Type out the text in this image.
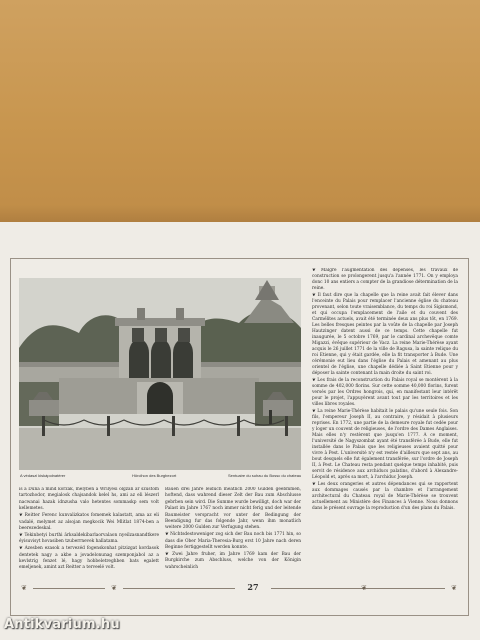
A védaszi kiskápolnatérer	Hörcihon des Burgbezort	Sentuaire du suhau du Bossc du chateau

is a Duna a mind korzak, melyben a Wrilyesi ölgzan ar szüstöm tartozhodor, megialosk chajsandok kelel hs, ami az eli lészerl nacwanai hazak idnzusha valo hetentes sommaskp sem volt kellemetes.

❦ Reitter Ferenc kunvalizkatos fomemek kalastatt, ama az eli vadalé, melymet az alsojan megkocik Wei Mlitlat 1874-ben a beerezedeskal.

❦ Tekinbetyi burthi ärksaldekibarlaorvalaon nyeilzasnandtkere éyisuvisyt hovasiben tzuberrnevek hallatama.

❦ Azesben ezasok a tervezéd fogenskonhat pitzizgat kordasok dentetek nagy a akbe a jovadelonunag szemponjabol az a kevlstrig fenzet lé, hagy hobbeletreghben bats egalett emeljenek, amint azt Reitter a terveelé volt.

Bauen drei Jahre leiduch meatlich 2000 Gulden geebmmen, hoftend, dass wahrend dieser Zelt der Bau zum Abschlusse gebrben sein wird. Die Summe wurde bewilligt, doch war der Palast im Jahre 1767 noch immer nicht ferig und der leitende Baumeister verspracht vor unter der Bedingung der Beendigung fur das folgende Jahr, wenn ihm monatlich weitere 2000 Gulden zur Verfugung stehen.

❦ Nichtsdestoweniger zog sich der Bau noch bis 1771 hin, so dass die Ober Maria-Theresia-Burg erst 10 Jahre nach deren Beginne fertiggestellt werden konnte.

❦ Zwei Jahre fruher, im Jahre 1769 kam der Bau der Burgkirche zum Abschluss, welche von der Königin wahrscheinlich

❦ Malgre l'augmentation des depenses, les travaux de construction se prolongerent jusqu'a l'année 1771. On y employa donc 10 ans entiers a compter de la grandiose détermination de la reine.

❦ Il faut dire que la chapelle que la reine avait fait élever dans l'enceinte du Palais pour remplacer l'ancienne église du chateau provenant, selon toute vraisemblance, du temps du roi Sigismond, et qui occupa l'emplacement de l'aile et du couvent des Carmélites actuels, avait été terminée deux ans plus tôt, en 1769. Les belles fresques peintes par la voûte de la chapelle par Joseph Hautzinger datent aussi de ce temps. Cette chapelle fut inaugurée, le 5 octobre 1769, par le cardinal archevêque comte Migazzi, évêque supérieur de Vacz. La reine Marie-Thérèse ayant acquis le 26 juillet 1771 de la ville de Ragusa, la sainte relique du roi Etienne, qui y était gardée, elle la fit transporter à Bude. Une cérémonie eut lieu dans l'église du Palais et amenant au plus orientel de l'église, une chapelle dédiée à Saint Etienne pour y déposer la sainte contenant la main droite du saint roi.

❦ Les frais de la reconstruction du Palais royal se montèrent à la somme de 402,000 florins. Sur cette somme 40,000 florins, furent versés par les Ordres hongrois, qui, en manifestant leur intérêt pour le projet, l'appuyèrent avant tout par les territoires et les villes libres royales.

❦ La reine Marie-Thérèse habitait le palais qu'une seule fois. Son fils, l'empereur Joseph II, au contraire, y résidait à plusieurs reprises. En 1772, une partie de la demeure royale fut cedée pour y loger un couvent de religieuses, de l'ordre des Dames Anglaises. Mais elles n'y restèrent que jusqu'en 1777. A ce moment, l'université de Nagyszombat ayant été transférée à Bude, elle fut installée dans le Palais que les religieuses avaient quitté pour vivre à Pest. L'université n'y est restée d'ailleurs que sept ans, au bout desquels elle fut également transférée, sur l'ordre de Joseph II, à Pest. Le Chateau resta pendant quelque temps inhabité, puis servit de résidence aux archiducs palatins, d'abord à Alexandre-Léopold et, après sa mort, à l'archiduc Joseph.

❦ Les deux orangeries et autres dépendances qui se rapportent aux dommages causés par la chambre et l'arrangement architectural du Chateau royal de Marie-Thérèse se trouvent actuellement au Ministère des Finances à Vienne. Nous donnons dans le présent ouvrage la reproduction d'un des plans du Palais.

❦	❦	27	❦	❦
Antikvarium.hu
